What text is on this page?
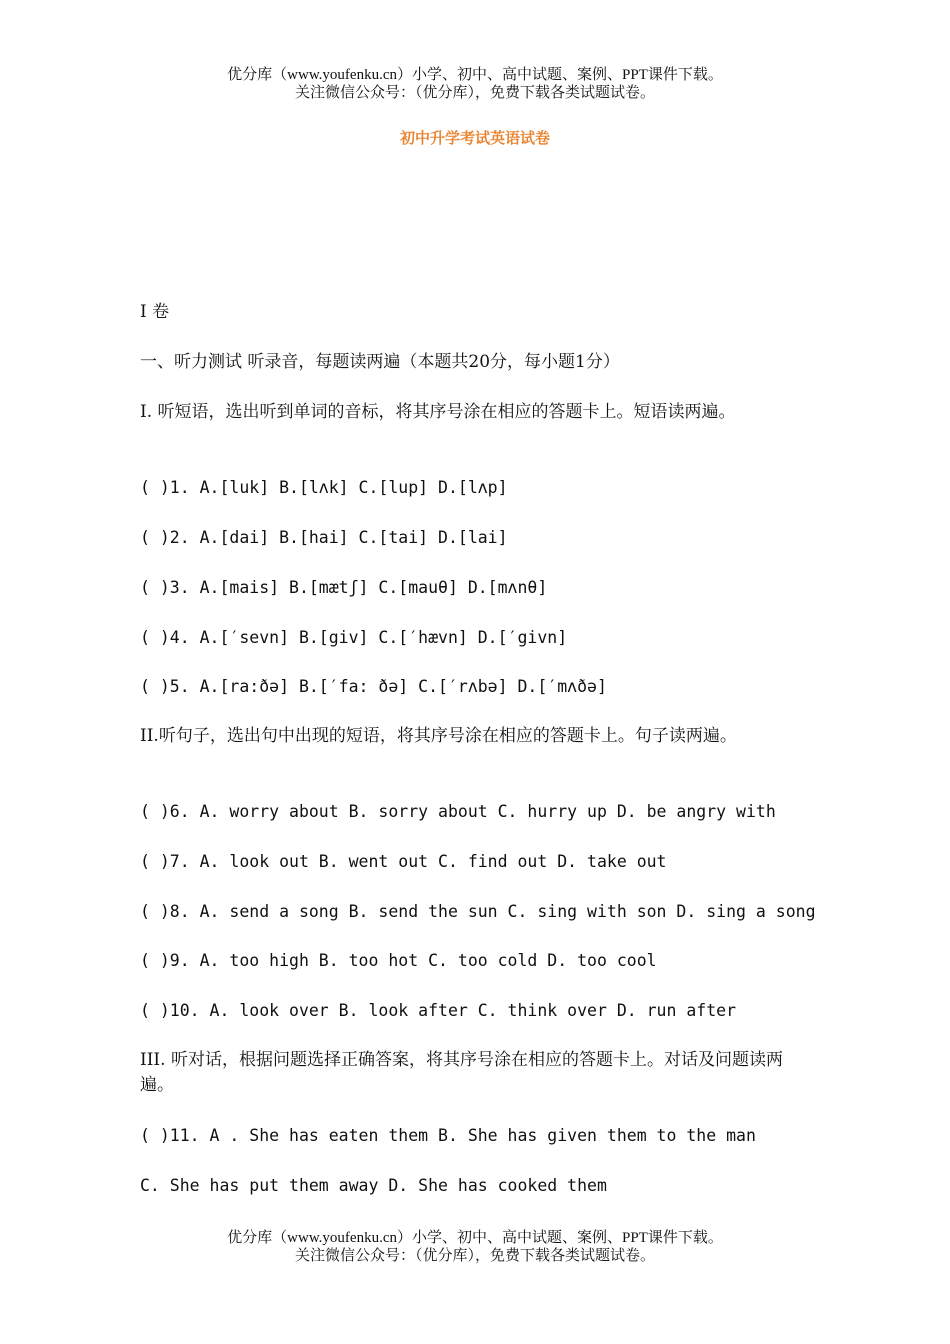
优分库（www.youfenku.cn）小学、初中、高中试题、案例、PPT课件下载。
关注微信公众号：（优分库），免费下载各类试题试卷。
初中升学考试英语试卷
I 卷
一、听力测试 听录音，每题读两遍（本题共20分，每小题1分）
I. 听短语，选出听到单词的音标，将其序号涂在相应的答题卡上。短语读两遍。
( )1. A.[luk] B.[lʌk] C.[lup] D.[lʌp]
( )2. A.[dai] B.[hai] C.[tai] D.[lai]
( )3. A.[mais] B.[mætʃ] C.[mauθ] D.[mʌnθ]
( )4. A.[′sevn] B.[giv] C.[′hævn] D.[′givn]
( )5. A.[ra:ðə] B.[′fa: ðə] C.[′rʌbə] D.[′mʌðə]
II.听句子，选出句中出现的短语，将其序号涂在相应的答题卡上。句子读两遍。
( )6. A. worry about B. sorry about C. hurry up D. be angry with
( )7. A. look out B. went out C. find out D. take out
( )8. A. send a song B. send the sun C. sing with son D. sing a song
( )9. A. too high B. too hot C. too cold D. too cool
( )10. A. look over B. look after C. think over D. run after
III. 听对话，根据问题选择正确答案，将其序号涂在相应的答题卡上。对话及问题读两遍。
( )11. A . She has eaten them B. She has given them to the man
C. She has put them away D. She has cooked them
优分库（www.youfenku.cn）小学、初中、高中试题、案例、PPT课件下载。
关注微信公众号：（优分库），免费下载各类试题试卷。
